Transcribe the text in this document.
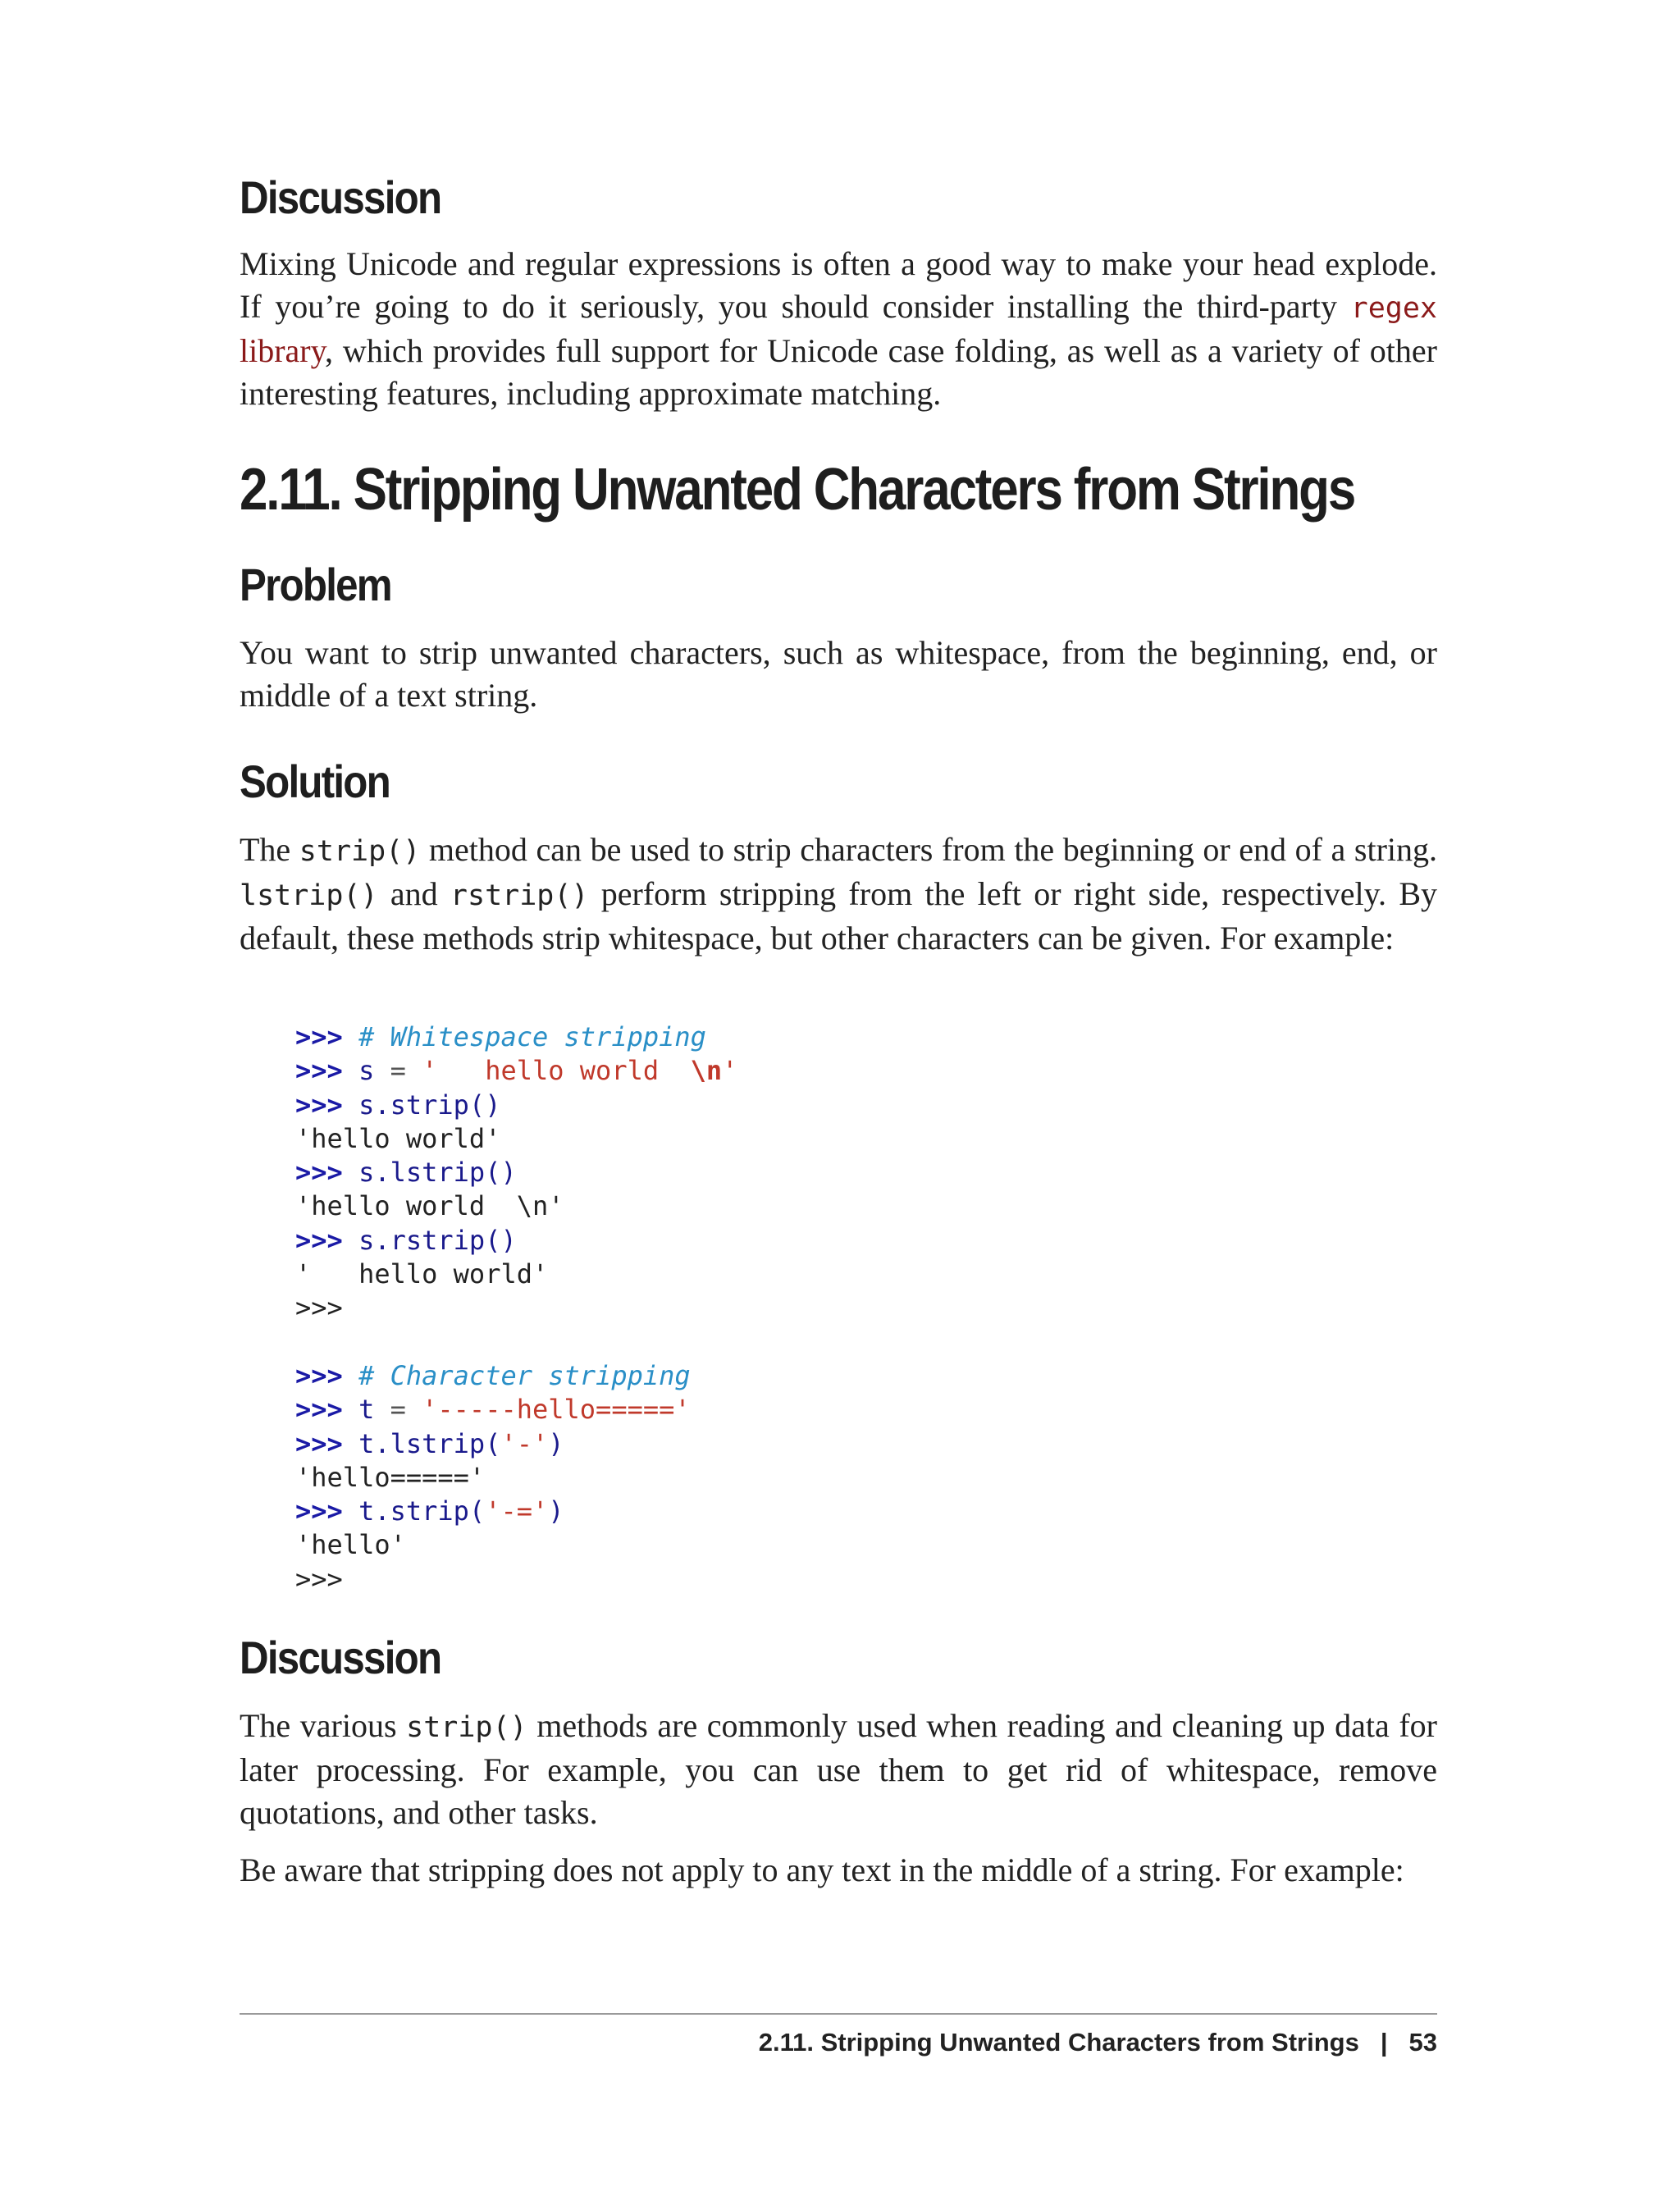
Discussion

Mixing Unicode and regular expressions is often a good way to make your head explode. If you’re going to do it seriously, you should consider installing the third-party regex library, which provides full support for Unicode case folding, as well as a variety of other interesting features, including approximate matching.

2.11. Stripping Unwanted Characters from Strings
Problem

You want to strip unwanted characters, such as whitespace, from the beginning, end, or middle of a text string.

Solution

The strip() method can be used to strip characters from the beginning or end of a string. lstrip() and rstrip() perform stripping from the left or right side, respectively. By default, these methods strip whitespace, but other characters can be given. For example:

>>> # Whitespace stripping
>>> s = '   hello world  \n'
>>> s.strip()
'hello world'
>>> s.lstrip()
'hello world  \n'
>>> s.rstrip()
'   hello world'
>>>

>>> # Character stripping
>>> t = '-----hello====='
>>> t.lstrip('-')
'hello====='
>>> t.strip('-=')
'hello'
>>>
Discussion

The various strip() methods are commonly used when reading and cleaning up data for later processing. For example, you can use them to get rid of whitespace, remove quotations, and other tasks.

Be aware that stripping does not apply to any text in the middle of a string. For example:

2.11. Stripping Unwanted Characters from Strings | 53
